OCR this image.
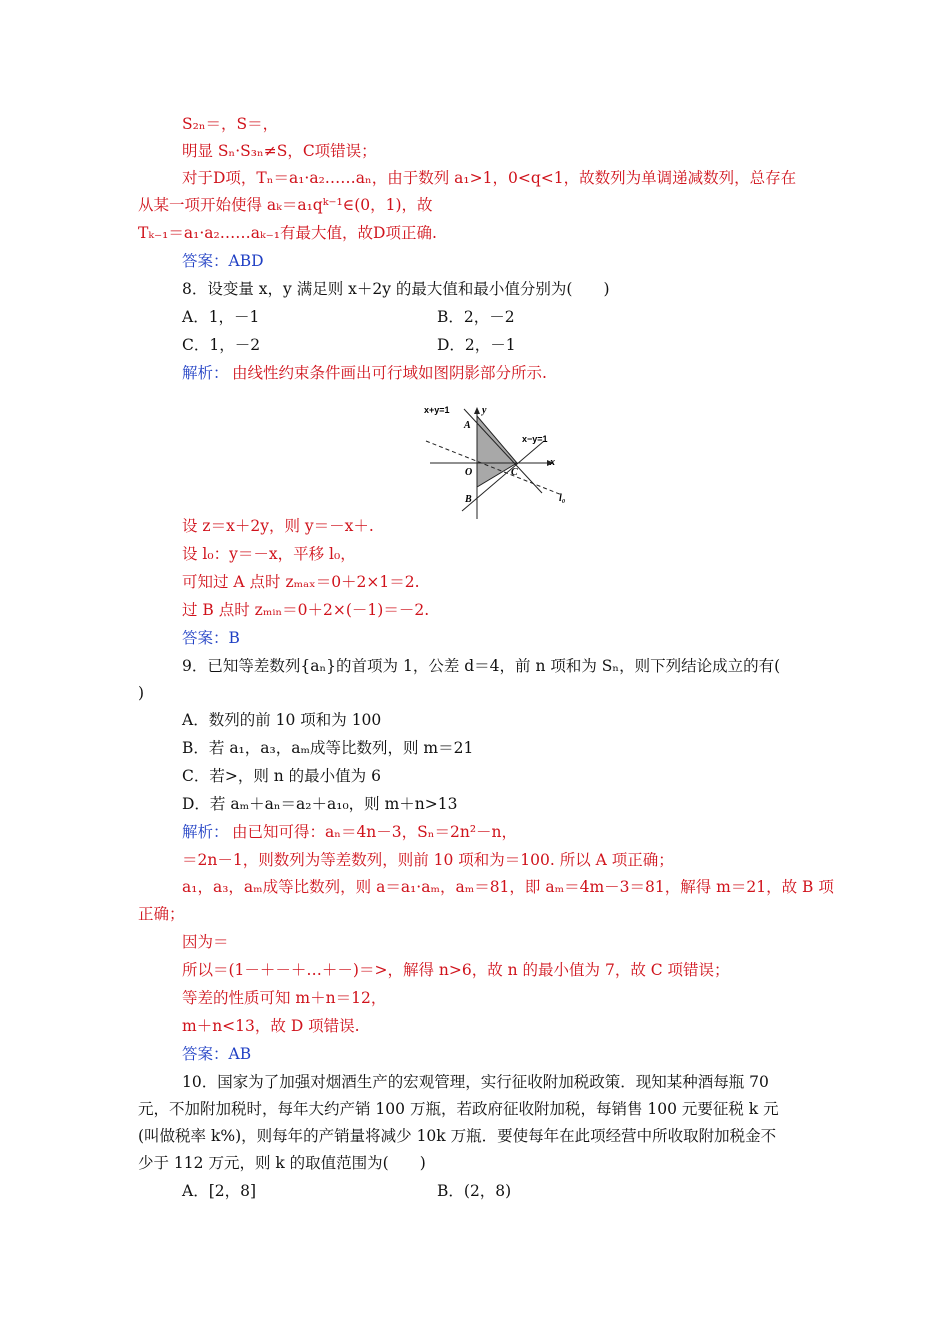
S₂ₙ＝，S＝，
明显 Sₙ·S₃ₙ≠S，C项错误；
对于D项，Tₙ＝a₁·a₂……aₙ，由于数列 a₁>1，0<q<1，故数列为单调递减数列，总存在
从某一项开始使得 aₖ＝a₁qᵏ⁻¹∈(0，1)，故
Tₖ₋₁＝a₁·a₂……aₖ₋₁有最大值，故D项正确.
答案：ABD
8．设变量 x，y 满足则 x＋2y 的最大值和最小值分别为(　　)
A．1，－1	B．2，－2
C．1，－2	D．2，－1
解析： 由线性约束条件画出可行域如图阴影部分所示.
设 z＝x＋2y，则 y＝－x＋.
设 l₀：y＝－x，平移 l₀，
可知过 A 点时 zₘₐₓ＝0＋2×1＝2.
过 B 点时 zₘᵢₙ＝0＋2×(－1)＝－2.
答案：B
9．已知等差数列{aₙ}的首项为 1，公差 d＝4，前 n 项和为 Sₙ，则下列结论成立的有(
)
A．数列的前 10 项和为 100
B．若 a₁，a₃，aₘ成等比数列，则 m＝21
C．若>，则 n 的最小值为 6
D．若 aₘ＋aₙ＝a₂＋a₁₀，则 m＋n>13
解析： 由已知可得：aₙ＝4n－3，Sₙ＝2n²－n，
＝2n－1，则数列为等差数列，则前 10 项和为＝100. 所以 A 项正确；
a₁，a₃，aₘ成等比数列，则 a＝a₁·aₘ，aₘ＝81，即 aₘ＝4m－3＝81，解得 m＝21，故 B 项
正确；
因为＝
所以＝(1－＋－＋…＋－)＝>，解得 n>6，故 n 的最小值为 7，故 C 项错误；
等差的性质可知 m＋n＝12，
m＋n<13，故 D 项错误.
答案：AB
10．国家为了加强对烟酒生产的宏观管理，实行征收附加税政策．现知某种酒每瓶 70
元，不加附加税时，每年大约产销 100 万瓶，若政府征收附加税，每销售 100 元要征税 k 元
(叫做税率 k%)，则每年的产销量将减少 10k 万瓶．要使每年在此项经营中所收取附加税金不
少于 112 万元，则 k 的取值范围为(　　)
A．[2，8]	B．(2，8)
x+y=1	y
A
x−y=1
x
O	C
B	l₀
